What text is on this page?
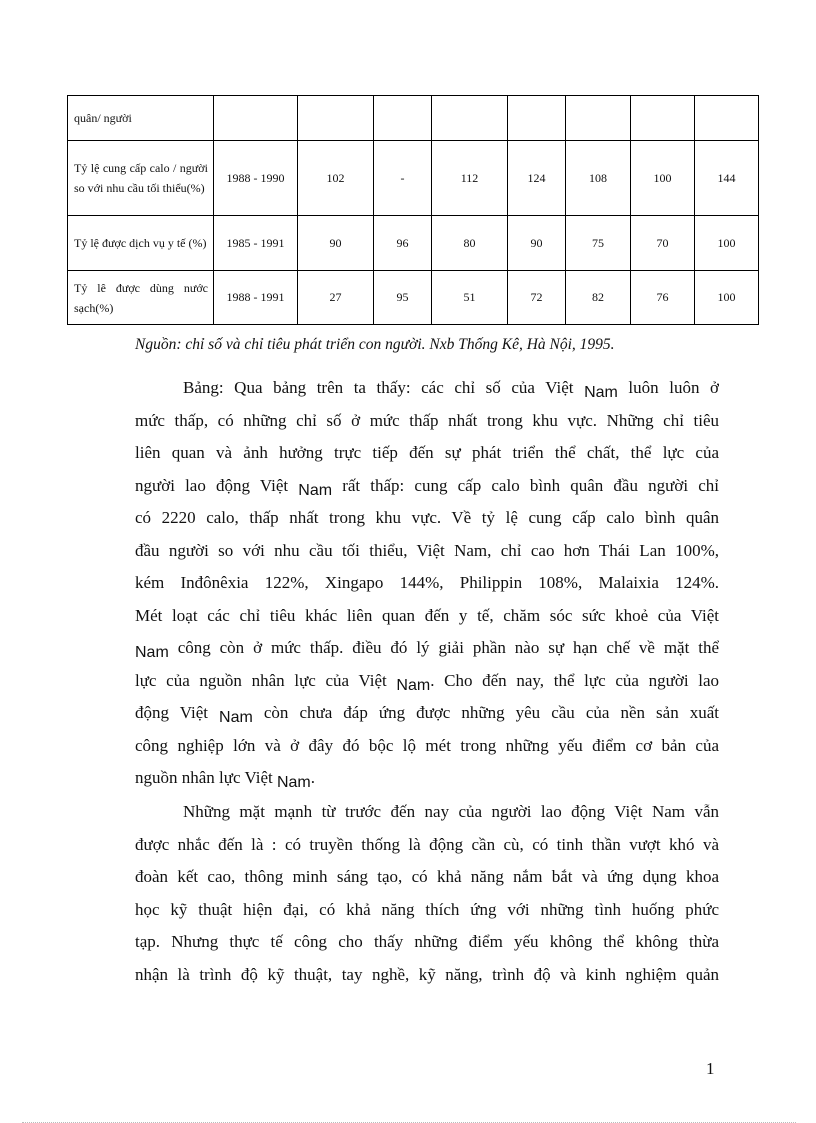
quân/ người								
Tỷ lệ cung cấp calo / người so với nhu cầu tối thiểu(%)	1988 - 1990	102	-	112	124	108	100	144
Tỷ lệ được dịch vụ y tế (%)	1985 - 1991	90	96	80	90	75	70	100
Tỷ lê được dùng nước sạch(%)	1988 - 1991	27	95	51	72	82	76	100
Nguồn: chỉ số và chỉ tiêu phát triển con người. Nxb Thống Kê, Hà Nội, 1995.
Bảng: Qua bảng trên ta thấy: các chỉ số của Việt Nam luôn luôn ở
mức thấp, có những chỉ số ở mức thấp nhất trong khu vực. Những chỉ tiêu
liên quan và ảnh hưởng trực tiếp đến sự phát triển thể chất, thể lực của
người lao động Việt Nam rất thấp: cung cấp calo bình quân đầu người chỉ
có 2220 calo, thấp nhất trong khu vực. Về tỷ lệ cung cấp calo bình quân
đầu người so với nhu cầu tối thiểu, Việt Nam, chỉ cao hơn Thái Lan 100%,
kém Inđônêxia 122%, Xingapo 144%, Philippin 108%, Malaixia 124%.
Mét loạt các chỉ tiêu khác liên quan đến y tế, chăm sóc sức khoẻ của Việt
Nam công còn ở mức thấp. điều đó lý giải phần nào sự hạn chế về mặt thể
lực của nguồn nhân lực của Việt Nam. Cho đến nay, thể lực của người lao
động Việt Nam còn chưa đáp ứng được những yêu cầu của nền sản xuất
công nghiệp lớn và ở đây đó bộc lộ mét trong những yếu điểm cơ bản của
nguồn nhân lực Việt Nam.
Những mặt mạnh từ trước đến nay của người lao động Việt Nam vẫn
được nhắc đến là : có truyền thống là động cần cù, có tinh thần vượt khó và
đoàn kết cao, thông minh sáng tạo, có khả năng nắm bắt và ứng dụng khoa
học kỹ thuật hiện đại, có khả năng thích ứng với những tình huống phức
tạp. Nhưng thực tế công cho thấy những điểm yếu không thể không thừa
nhận là trình độ kỹ thuật, tay nghề, kỹ năng, trình độ và kinh nghiệm quản
1
